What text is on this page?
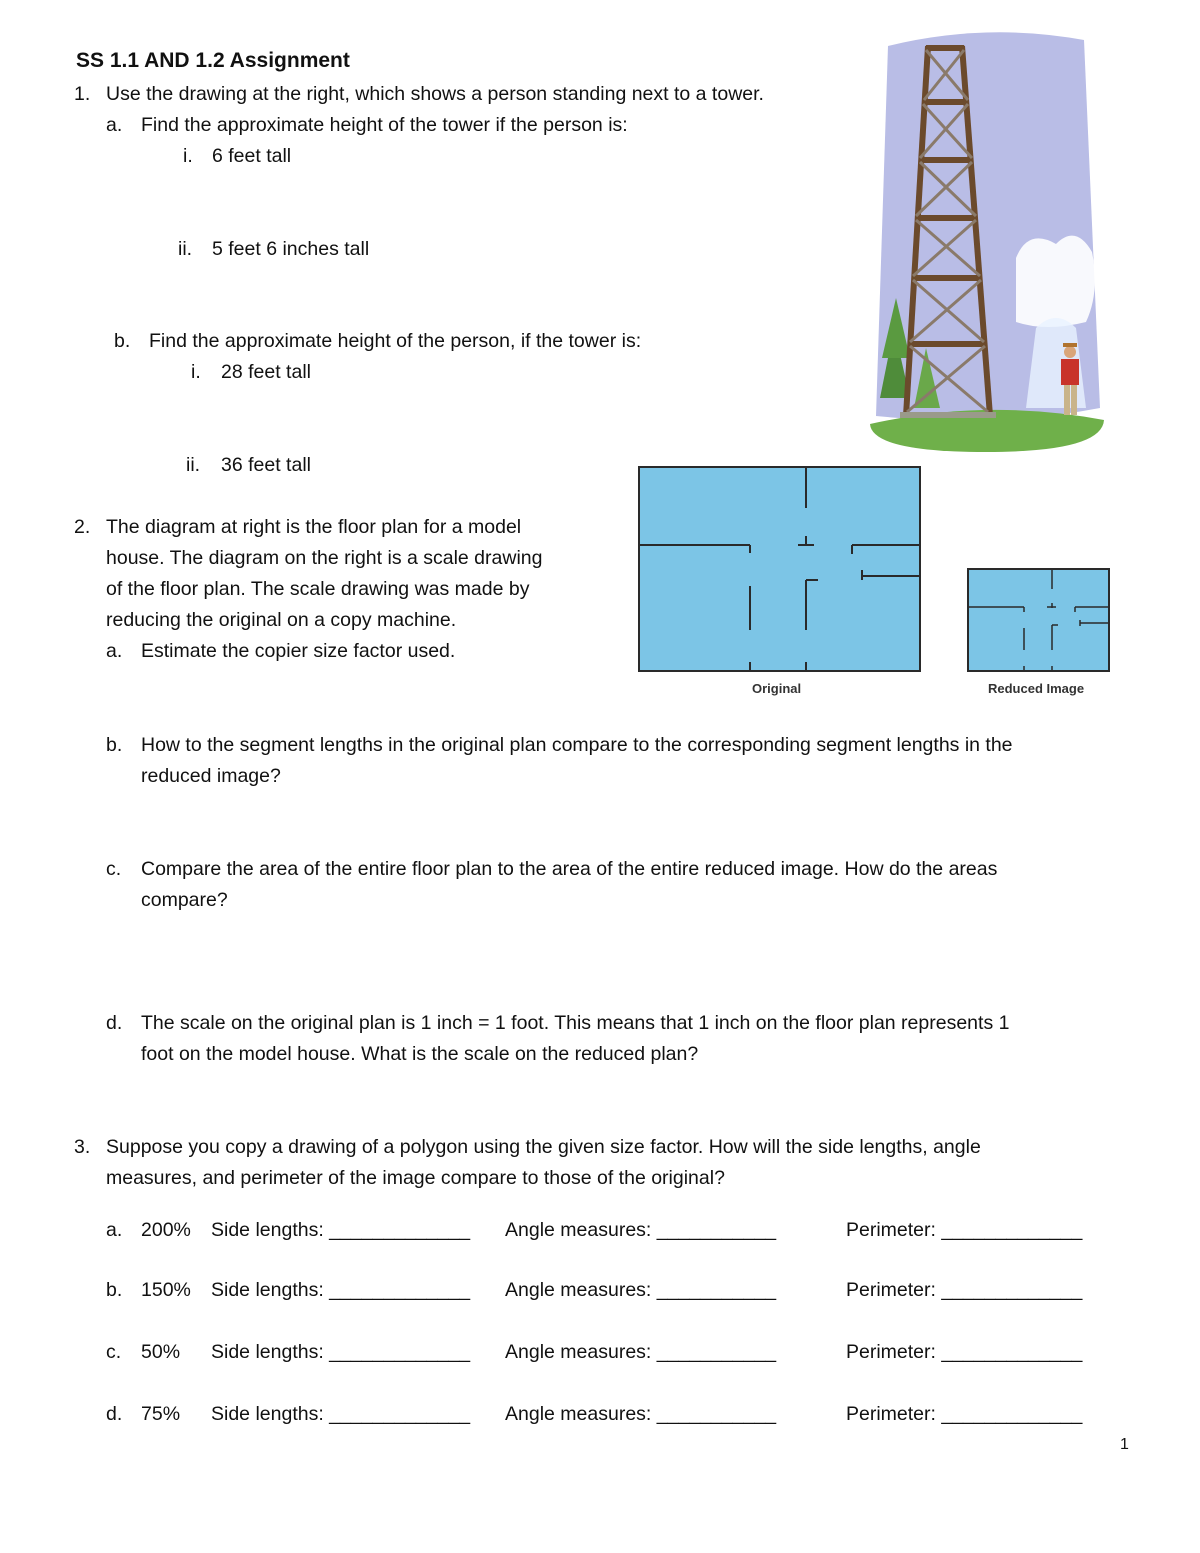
SS 1.1 AND 1.2 Assignment
1. Use the drawing at the right, which shows a person standing next to a tower.
a. Find the approximate height of the tower if the person is:
i. 6 feet tall
ii. 5 feet 6 inches tall
b. Find the approximate height of the person, if the tower is:
i. 28 feet tall
ii. 36 feet tall
2. The diagram at right is the floor plan for a model
house. The diagram on the right is a scale drawing
of the floor plan. The scale drawing was made by
reducing the original on a copy machine.
a. Estimate the copier size factor used.
Original	Reduced Image
b. How to the segment lengths in the original plan compare to the corresponding segment lengths in the
reduced image?
c. Compare the area of the entire floor plan to the area of the entire reduced image. How do the areas
compare?
d. The scale on the original plan is 1 inch = 1 foot. This means that 1 inch on the floor plan represents 1
foot on the model house. What is the scale on the reduced plan?
3. Suppose you copy a drawing of a polygon using the given size factor. How will the side lengths, angle
measures, and perimeter of the image compare to those of the original?
a. 200% Side lengths: _____________ Angle measures: ___________	Perimeter: _____________
b. 150% Side lengths: _____________ Angle measures: ___________	Perimeter: _____________
c. 50% Side lengths: _____________ Angle measures: ___________	Perimeter: _____________
d. 75% Side lengths: _____________ Angle measures: ___________	Perimeter: _____________
1
